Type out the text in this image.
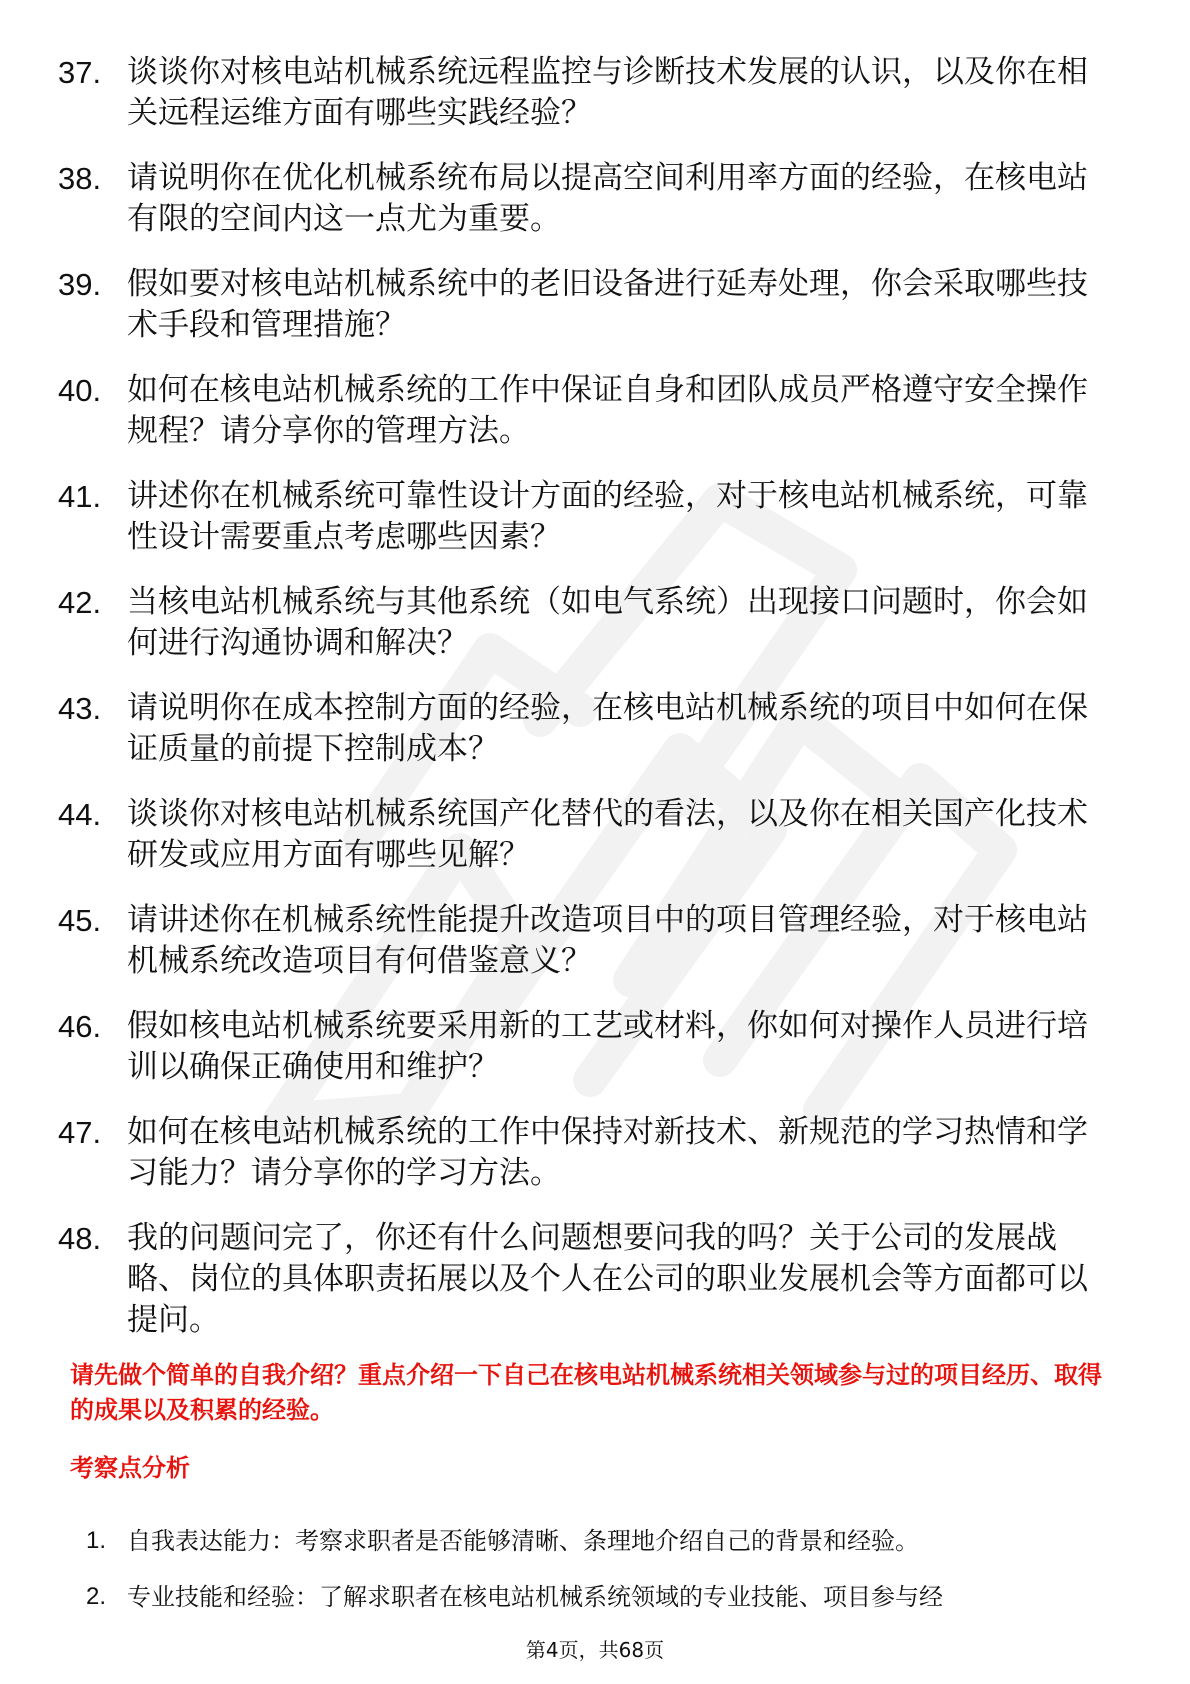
37. 谈谈你对核电站机械系统远程监控与诊断技术发展的认识，以及你在相关远程运维方面有哪些实践经验？
38. 请说明你在优化机械系统布局以提高空间利用率方面的经验，在核电站有限的空间内这一点尤为重要。
39. 假如要对核电站机械系统中的老旧设备进行延寿处理，你会采取哪些技术手段和管理措施？
40. 如何在核电站机械系统的工作中保证自身和团队成员严格遵守安全操作规程？请分享你的管理方法。
41. 讲述你在机械系统可靠性设计方面的经验，对于核电站机械系统，可靠性设计需要重点考虑哪些因素？
42. 当核电站机械系统与其他系统（如电气系统）出现接口问题时，你会如何进行沟通协调和解决？
43. 请说明你在成本控制方面的经验，在核电站机械系统的项目中如何在保证质量的前提下控制成本？
44. 谈谈你对核电站机械系统国产化替代的看法，以及你在相关国产化技术研发或应用方面有哪些见解？
45. 请讲述你在机械系统性能提升改造项目中的项目管理经验，对于核电站机械系统改造项目有何借鉴意义？
46. 假如核电站机械系统要采用新的工艺或材料，你如何对操作人员进行培训以确保正确使用和维护？
47. 如何在核电站机械系统的工作中保持对新技术、新规范的学习热情和学习能力？请分享你的学习方法。
48. 我的问题问完了，你还有什么问题想要问我的吗？关于公司的发展战略、岗位的具体职责拓展以及个人在公司的职业发展机会等方面都可以提问。
请先做个简单的自我介绍？重点介绍一下自己在核电站机械系统相关领域参与过的项目经历、取得的成果以及积累的经验。
考察点分析
1. 自我表达能力：考察求职者是否能够清晰、条理地介绍自己的背景和经验。
2. 专业技能和经验：了解求职者在核电站机械系统领域的专业技能、项目参与经
第4页，共68页
